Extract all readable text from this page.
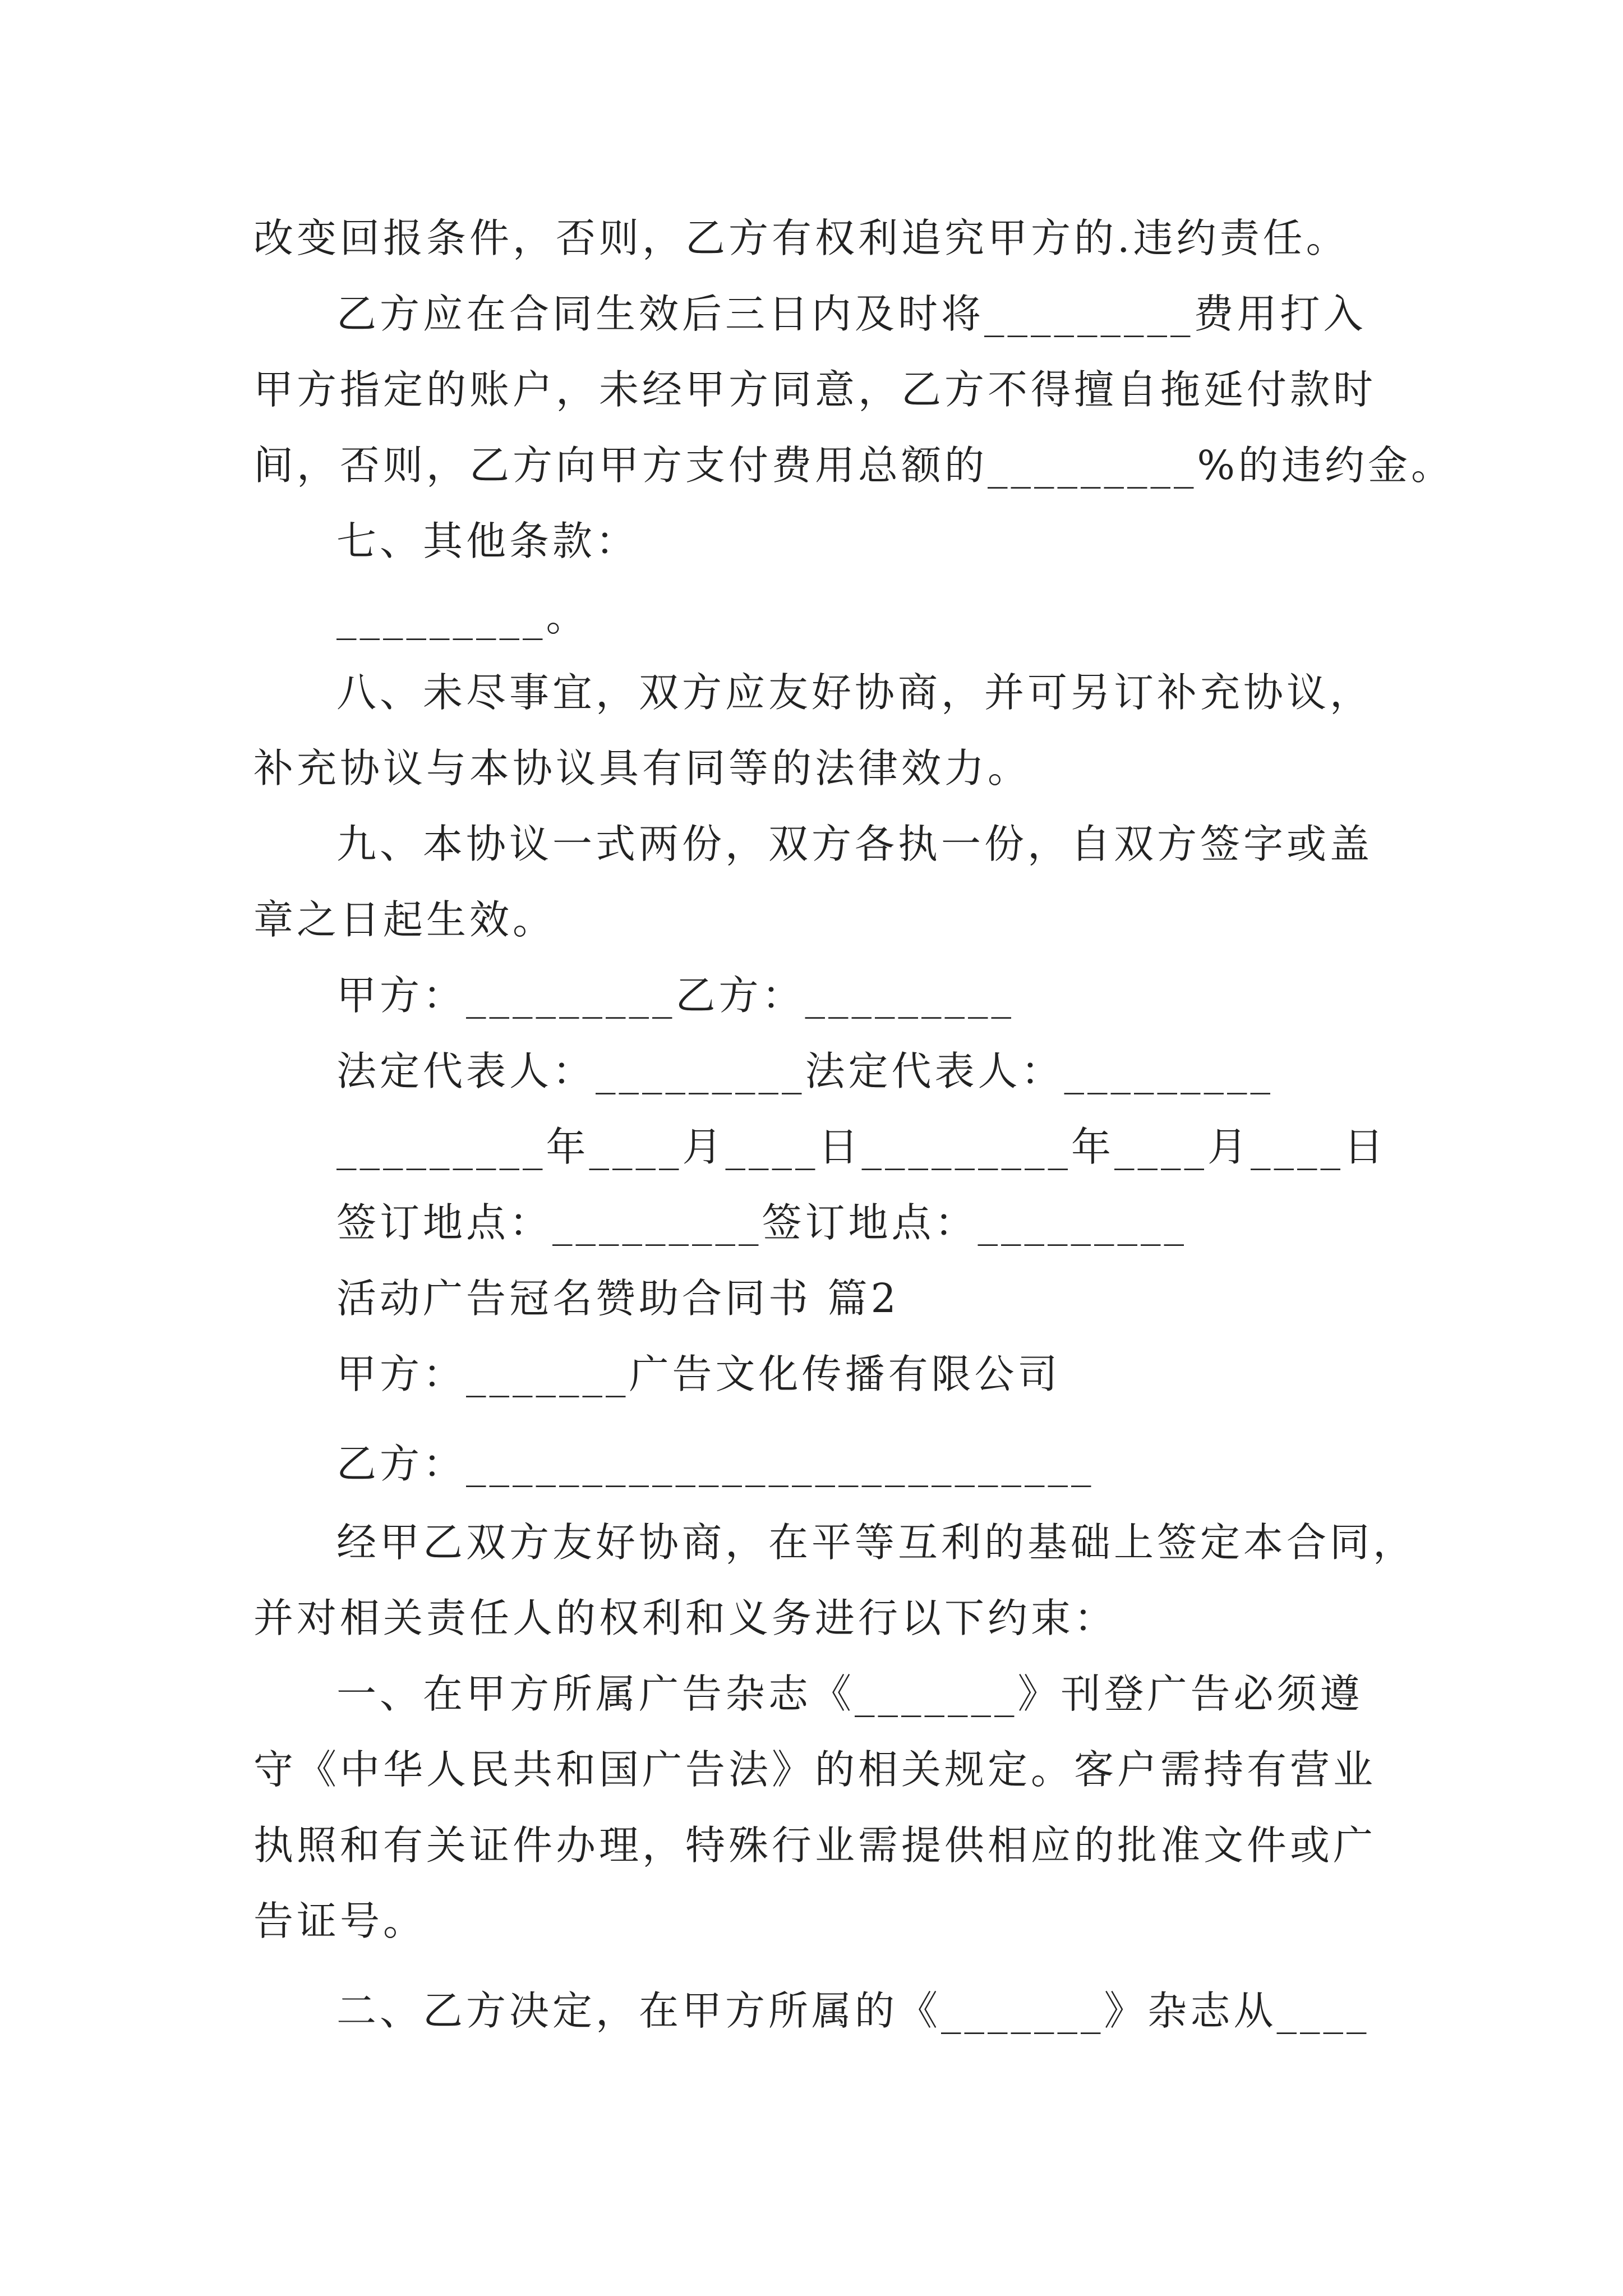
改变回报条件，否则，乙方有权利追究甲方的.违约责任。
乙方应在合同生效后三日内及时将_________费用打入
甲方指定的账户，未经甲方同意，乙方不得擅自拖延付款时
间，否则，乙方向甲方支付费用总额的_________%的违约金。
七、其他条款：
_________。
八、未尽事宜，双方应友好协商，并可另订补充协议，
补充协议与本协议具有同等的法律效力。
九、本协议一式两份，双方各执一份，自双方签字或盖
章之日起生效。
甲方：_________乙方：_________
法定代表人：_________法定代表人：_________
_________年____月____日_________年____月____日
签订地点：_________签订地点：_________
活动广告冠名赞助合同书 篇2
甲方：_______广告文化传播有限公司
乙方：___________________________
经甲乙双方友好协商，在平等互利的基础上签定本合同，
并对相关责任人的权利和义务进行以下约束：
一、在甲方所属广告杂志《_______》刊登广告必须遵
守《中华人民共和国广告法》的相关规定。客户需持有营业
执照和有关证件办理，特殊行业需提供相应的批准文件或广
告证号。
二、乙方决定，在甲方所属的《_______》杂志从____
